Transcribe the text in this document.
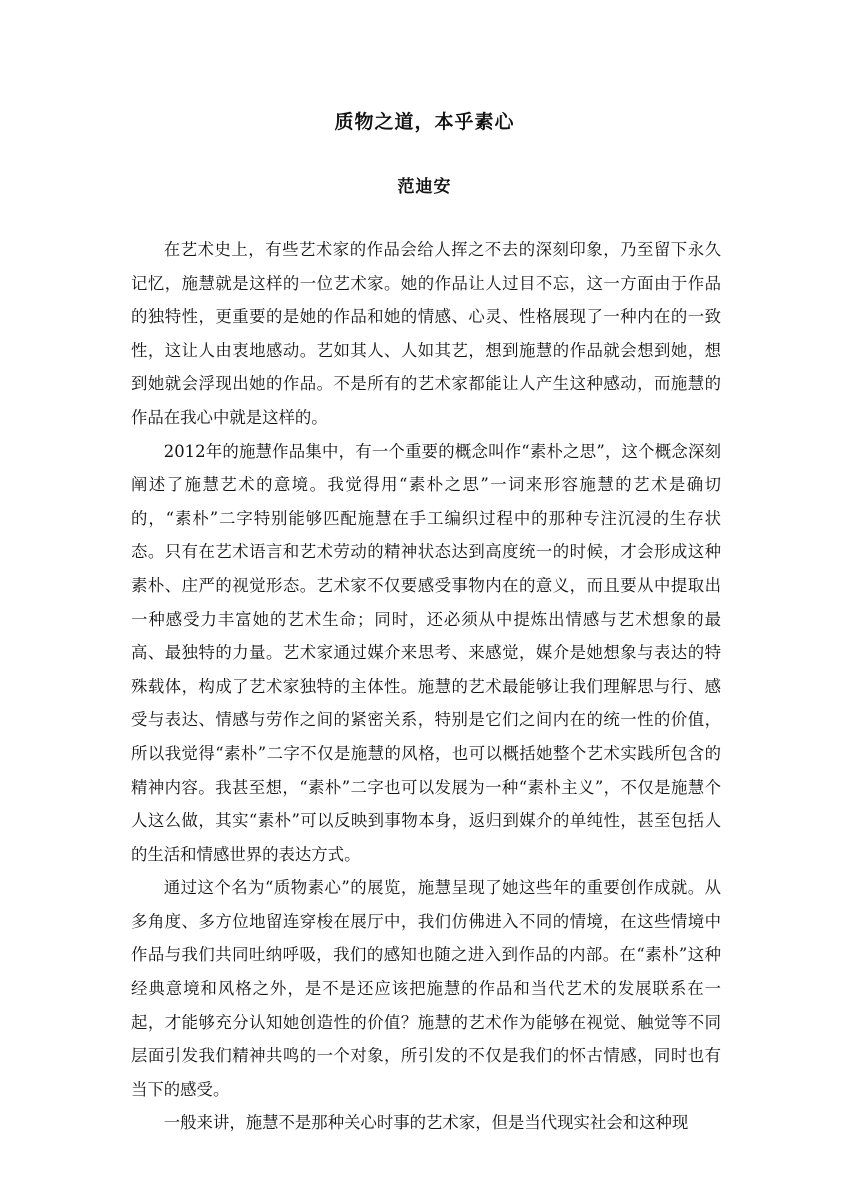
质物之道，本乎素心
范迪安

在艺术史上，有些艺术家的作品会给人挥之不去的深刻印象，乃至留下永久记忆，施慧就是这样的一位艺术家。她的作品让人过目不忘，这一方面由于作品的独特性，更重要的是她的作品和她的情感、心灵、性格展现了一种内在的一致性，这让人由衷地感动。艺如其人、人如其艺，想到施慧的作品就会想到她，想到她就会浮现出她的作品。不是所有的艺术家都能让人产生这种感动，而施慧的作品在我心中就是这样的。

2012年的施慧作品集中，有一个重要的概念叫作“素朴之思”，这个概念深刻阐述了施慧艺术的意境。我觉得用“素朴之思”一词来形容施慧的艺术是确切的，“素朴”二字特别能够匹配施慧在手工编织过程中的那种专注沉浸的生存状态。只有在艺术语言和艺术劳动的精神状态达到高度统一的时候，才会形成这种素朴、庄严的视觉形态。艺术家不仅要感受事物内在的意义，而且要从中提取出一种感受力丰富她的艺术生命；同时，还必须从中提炼出情感与艺术想象的最高、最独特的力量。艺术家通过媒介来思考、来感觉，媒介是她想象与表达的特殊载体，构成了艺术家独特的主体性。施慧的艺术最能够让我们理解思与行、感受与表达、情感与劳作之间的紧密关系，特别是它们之间内在的统一性的价值，所以我觉得“素朴”二字不仅是施慧的风格，也可以概括她整个艺术实践所包含的精神内容。我甚至想，“素朴”二字也可以发展为一种“素朴主义”，不仅是施慧个人这么做，其实“素朴”可以反映到事物本身，返归到媒介的单纯性，甚至包括人的生活和情感世界的表达方式。

通过这个名为“质物素心”的展览，施慧呈现了她这些年的重要创作成就。从多角度、多方位地留连穿梭在展厅中，我们仿佛进入不同的情境，在这些情境中作品与我们共同吐纳呼吸，我们的感知也随之进入到作品的内部。在“素朴”这种经典意境和风格之外，是不是还应该把施慧的作品和当代艺术的发展联系在一起，才能够充分认知她创造性的价值？施慧的艺术作为能够在视觉、触觉等不同层面引发我们精神共鸣的一个对象，所引发的不仅是我们的怀古情感，同时也有当下的感受。

一般来讲，施慧不是那种关心时事的艺术家，但是当代现实社会和这种现
